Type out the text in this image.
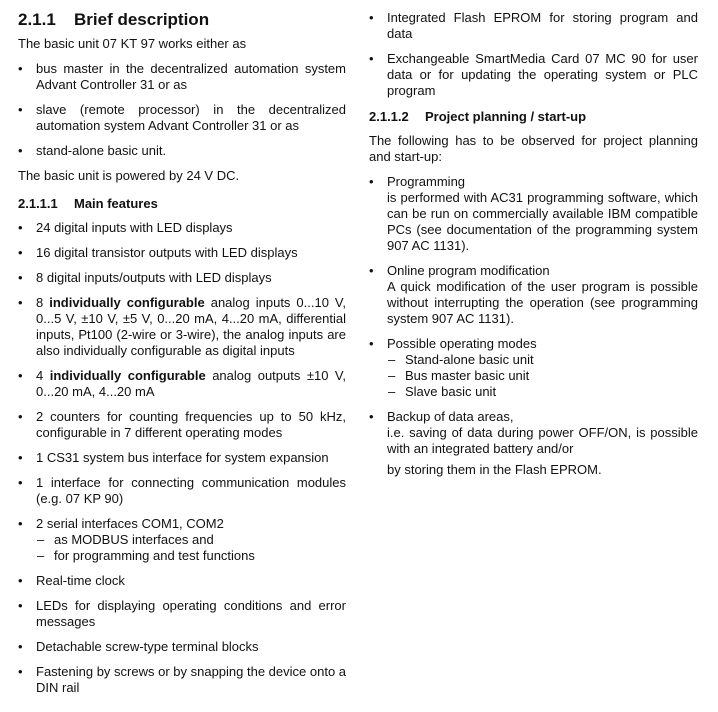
2.1.1 Brief description

The basic unit 07 KT 97 works either as

• bus master in the decentralized automation system Advant Controller 31 or as
• slave (remote processor) in the decentralized automation system Advant Controller 31 or as
• stand-alone basic unit.

The basic unit is powered by 24 V DC.

2.1.1.1 Main features
• 24 digital inputs with LED displays
• 16 digital transistor outputs with LED displays
• 8 digital inputs/outputs with LED displays
• 8 individually configurable analog inputs 0...10 V, 0...5 V, ±10 V, ±5 V, 0...20 mA, 4...20 mA, differential inputs, Pt100 (2-wire or 3-wire), the analog inputs are also individually configurable as digital inputs
• 4 individually configurable analog outputs ±10 V, 0...20 mA, 4...20 mA
• 2 counters for counting frequencies up to 50 kHz, configurable in 7 different operating modes
• 1 CS31 system bus interface for system expansion
• 1 interface for connecting communication modules (e.g. 07 KP 90)
• 2 serial interfaces COM1, COM2
– as MODBUS interfaces and
– for programming and test functions
• Real-time clock
• LEDs for displaying operating conditions and error messages
• Detachable screw-type terminal blocks
• Fastening by screws or by snapping the device onto a DIN rail
• Integrated Flash EPROM for storing program and data
• Exchangeable SmartMedia Card 07 MC 90 for user data or for updating the operating system or PLC program
2.1.1.2 Project planning / start-up

The following has to be observed for project planning and start-up:

• Programming
is performed with AC31 programming software, which can be run on commercially available IBM compatible PCs (see documentation of the programming system 907 AC 1131).
• Online program modification
A quick modification of the user program is possible without interrupting the operation (see programming system 907 AC 1131).
• Possible operating modes
– Stand-alone basic unit
– Bus master basic unit
– Slave basic unit
• Backup of data areas,
i.e. saving of data during power OFF/ON, is possible with an integrated battery and/or
by storing them in the Flash EPROM.
